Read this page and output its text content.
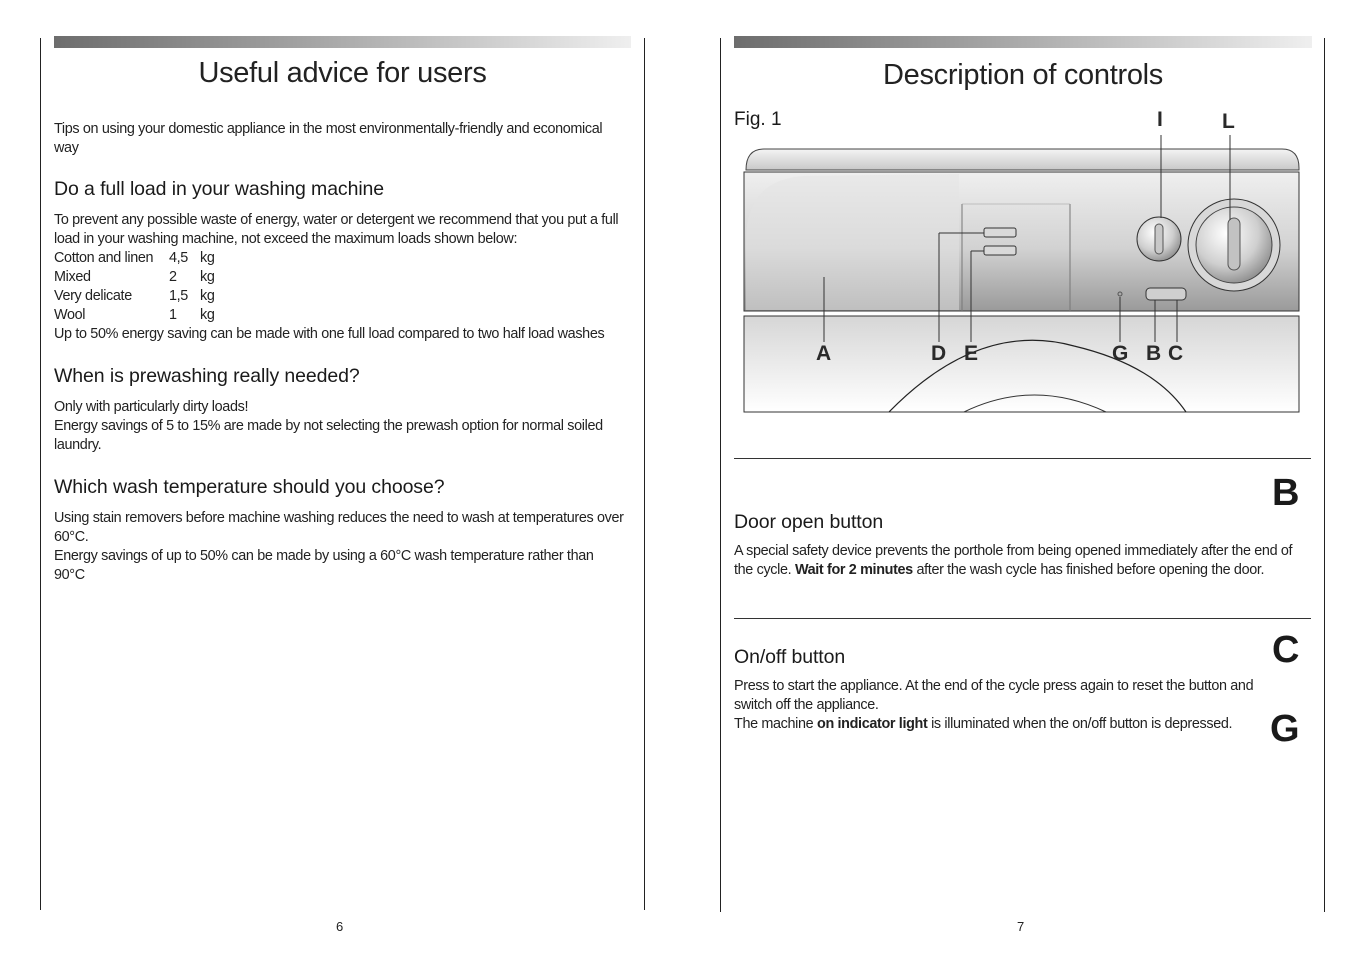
Useful advice for users
Tips on using your domestic appliance in the most environmentally-friendly and economical way
Do a full load in your washing machine
To prevent any possible waste of energy, water or detergent we recommend that you put a full load in your washing machine, not exceed the maximum loads shown below:
Cotton and linen	4,5 kg
Mixed	2	kg
Very delicate	1,5 kg
Wool	1	kg
Up to 50% energy saving can be made with one full load compared to two half load washes
When is prewashing really needed?
Only with particularly dirty loads!
Energy savings of 5 to 15% are made by not selecting the prewash option for normal soiled laundry.
Which wash temperature should you choose?
Using stain removers before machine washing reduces the need to wash at temperatures over 60°C.
Energy savings of up to 50% can be made by using a 60°C wash temperature rather than 90°C
6
Description of controls
Fig. 1	I	L
A	D E	G B C
B
Door open button
A special safety device prevents the porthole from being opened immediately after the end of the cycle. Wait for 2 minutes after the wash cycle has finished before opening the door.
C
On/off button
Press to start the appliance. At the end of the cycle press again to reset the button and switch off the appliance.
The machine on indicator light is illuminated when the on/off button is depressed. G
7
